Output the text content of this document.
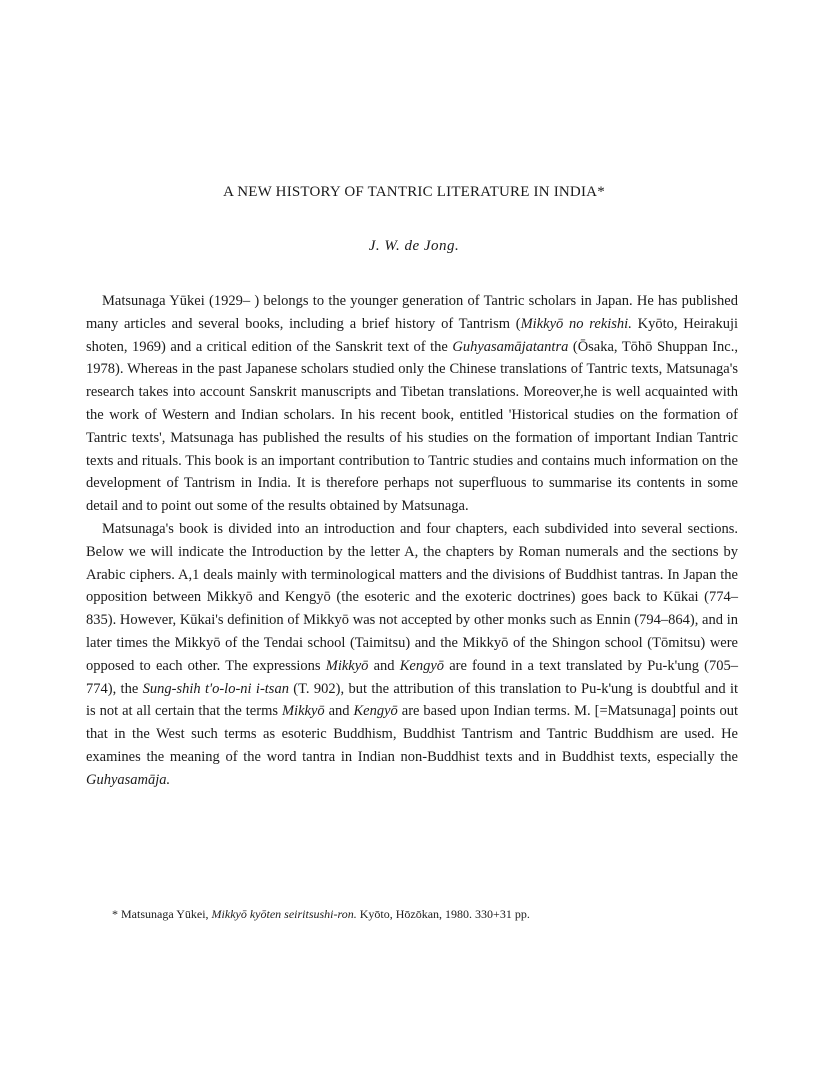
A NEW HISTORY OF TANTRIC LITERATURE IN INDIA*
J. W. de Jong.

Matsunaga Yūkei (1929– ) belongs to the younger generation of Tantric scholars in Japan. He has published many articles and several books, including a brief history of Tantrism (Mikkyō no rekishi. Kyōto, Heirakuji shoten, 1969) and a critical edition of the Sanskrit text of the Guhyasamājatantra (Ōsaka, Tōhō Shuppan Inc., 1978). Whereas in the past Japanese scholars studied only the Chinese translations of Tantric texts, Matsunaga's research takes into account Sanskrit manuscripts and Tibetan translations. Moreover,he is well acquainted with the work of Western and Indian scholars. In his recent book, entitled 'Historical studies on the formation of Tantric texts', Matsunaga has published the results of his studies on the formation of important Indian Tantric texts and rituals. This book is an important contribution to Tantric studies and contains much information on the development of Tantrism in India. It is therefore perhaps not superfluous to summarise its contents in some detail and to point out some of the results obtained by Matsunaga.

Matsunaga's book is divided into an introduction and four chapters, each subdivided into several sections. Below we will indicate the Introduction by the letter A, the chapters by Roman numerals and the sections by Arabic ciphers. A,1 deals mainly with terminological matters and the divisions of Buddhist tantras. In Japan the opposition between Mikkyō and Kengyō (the esoteric and the exoteric doctrines) goes back to Kūkai (774–835). However, Kūkai's definition of Mikkyō was not accepted by other monks such as Ennin (794–864), and in later times the Mikkyō of the Tendai school (Taimitsu) and the Mikkyō of the Shingon school (Tōmitsu) were opposed to each other. The expressions Mikkyō and Kengyō are found in a text translated by Pu-k'ung (705–774), the Sung-shih t'o-lo-ni i-tsan (T. 902), but the attribution of this translation to Pu-k'ung is doubtful and it is not at all certain that the terms Mikkyō and Kengyō are based upon Indian terms. M. [=Matsunaga] points out that in the West such terms as esoteric Buddhism, Buddhist Tantrism and Tantric Buddhism are used. He examines the meaning of the word tantra in Indian non-Buddhist texts and in Buddhist texts, especially the Guhyasamāja.

* Matsunaga Yūkei, Mikkyō kyōten seiritsushi-ron. Kyōto, Hōzōkan, 1980. 330+31 pp.
